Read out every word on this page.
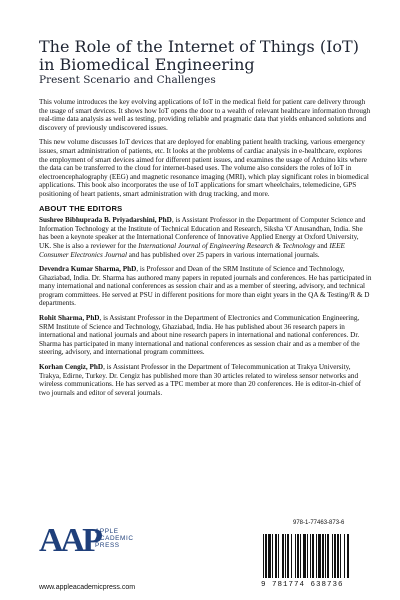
The Role of the Internet of Things (IoT) in Biomedical Engineering
Present Scenario and Challenges

This volume introduces the key evolving applications of IoT in the medical field for patient care delivery through the usage of smart devices. It shows how IoT opens the door to a wealth of relevant healthcare information through real-time data analysis as well as testing, providing reliable and pragmatic data that yields enhanced solutions and discovery of previously undiscovered issues.

This new volume discusses IoT devices that are deployed for enabling patient health tracking, various emergency issues, smart administration of patients, etc. It looks at the problems of cardiac analysis in e-healthcare, explores the employment of smart devices aimed for different patient issues, and examines the usage of Arduino kits where the data can be transferred to the cloud for internet-based uses. The volume also considers the roles of IoT in electroencephalography (EEG) and magnetic resonance imaging (MRI), which play significant roles in biomedical applications. This book also incorporates the use of IoT applications for smart wheelchairs, telemedicine, GPS positioning of heart patients, smart administration with drug tracking, and more.

ABOUT THE EDITORS

Sushree Bibhuprada B. Priyadarshini, PhD, is Assistant Professor in the Department of Computer Science and Information Technology at the Institute of Technical Education and Research, Siksha 'O' Anusandhan, India. She has been a keynote speaker at the International Conference of Innovative Applied Energy at Oxford University, UK. She is also a reviewer for the International Journal of Engineering Research & Technology and IEEE Consumer Electronics Journal and has published over 25 papers in various international journals.

Devendra Kumar Sharma, PhD, is Professor and Dean of the SRM Institute of Science and Technology, Ghaziabad, India. Dr. Sharma has authored many papers in reputed journals and conferences. He has participated in many international and national conferences as session chair and as a member of steering, advisory, and technical program committees. He served at PSU in different positions for more than eight years in the QA & Testing/R & D departments.

Rohit Sharma, PhD, is Assistant Professor in the Department of Electronics and Communication Engineering, SRM Institute of Science and Technology, Ghaziabad, India. He has published about 36 research papers in international and national journals and about nine research papers in international and national conferences. Dr. Sharma has participated in many international and national conferences as session chair and as a member of the steering, advisory, and international program committees.

Korhan Cengiz, PhD, is Assistant Professor in the Department of Telecommunication at Trakya University, Trakya, Edirne, Turkey. Dr. Cengiz has published more than 30 articles related to wireless sensor networks and wireless communications. He has served as a TPC member at more than 20 conferences. He is editor-in-chief of two journals and editor of several journals.

AAP
APPLE
ACADEMIC
PRESS
www.appleacademicpress.com
978-1-77463-873-6
9 781774 638736
